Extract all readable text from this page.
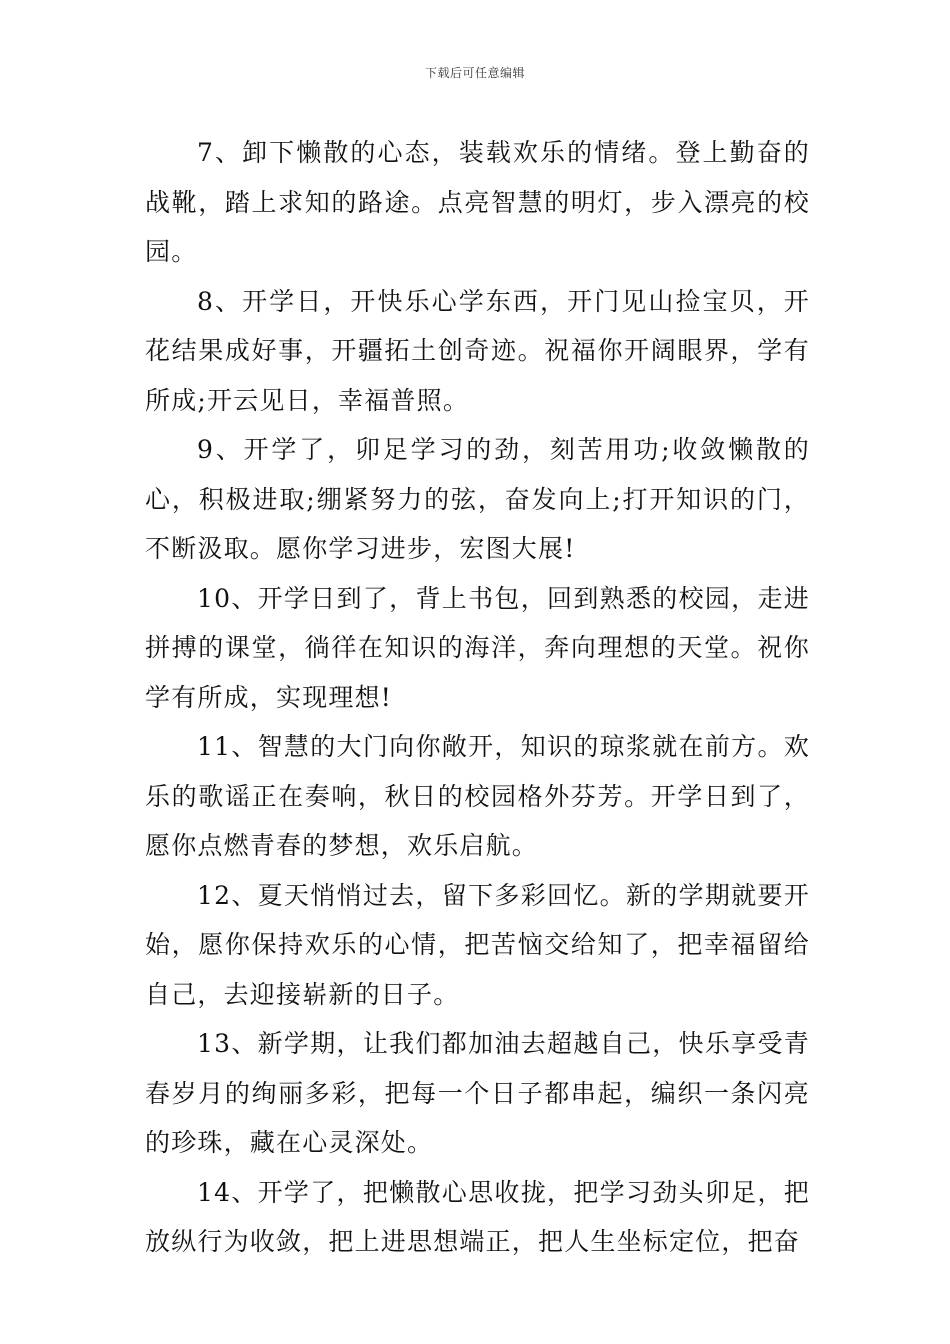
下载后可任意编辑

7、卸下懒散的心态，装载欢乐的情绪。登上勤奋的战靴，踏上求知的路途。点亮智慧的明灯，步入漂亮的校园。

8、开学日，开快乐心学东西，开门见山捡宝贝，开花结果成好事，开疆拓土创奇迹。祝福你开阔眼界，学有所成;开云见日，幸福普照。

9、开学了，卯足学习的劲，刻苦用功;收敛懒散的心，积极进取;绷紧努力的弦，奋发向上;打开知识的门，不断汲取。愿你学习进步，宏图大展!

10、开学日到了，背上书包，回到熟悉的校园，走进拼搏的课堂，徜徉在知识的海洋，奔向理想的天堂。祝你学有所成，实现理想!

11、智慧的大门向你敞开，知识的琼浆就在前方。欢乐的歌谣正在奏响，秋日的校园格外芬芳。开学日到了，愿你点燃青春的梦想，欢乐启航。

12、夏天悄悄过去，留下多彩回忆。新的学期就要开始，愿你保持欢乐的心情，把苦恼交给知了，把幸福留给自己，去迎接崭新的日子。

13、新学期，让我们都加油去超越自己，快乐享受青春岁月的绚丽多彩，把每一个日子都串起，编织一条闪亮的珍珠，藏在心灵深处。

14、开学了，把懒散心思收拢，把学习劲头卯足，把放纵行为收敛，把上进思想端正，把人生坐标定位，把奋
